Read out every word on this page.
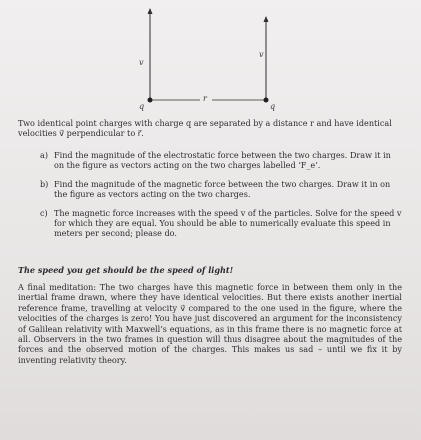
v
v
q	q
r

Two identical point charges with charge q are separated by a distance r and have identical velocities v⃗ perpendicular to r⃗.

a) Find the magnitude of the electrostatic force between the two charges. Draw it in on the figure as vectors acting on the two charges labelled ‘F_e’.
b) Find the magnitude of the magnetic force between the two charges. Draw it in on the figure as vectors acting on the two charges.
c) The magnetic force increases with the speed v of the particles. Solve for the speed v for which they are equal. You should be able to numerically evaluate this speed in meters per second; please do.

The speed you get should be the speed of light!

A final meditation: The two charges have this magnetic force in between them only in the inertial frame drawn, where they have identical velocities. But there exists another inertial reference frame, travelling at velocity v⃗ compared to the one used in the figure, where the velocities of the charges is zero! You have just discovered an argument for the inconsistency of Galilean relativity with Maxwell’s equations, as in this frame there is no magnetic force at all. Observers in the two frames in question will thus disagree about the magnitudes of the forces and the observed motion of the charges. This makes us sad – until we fix it by inventing relativity theory.
